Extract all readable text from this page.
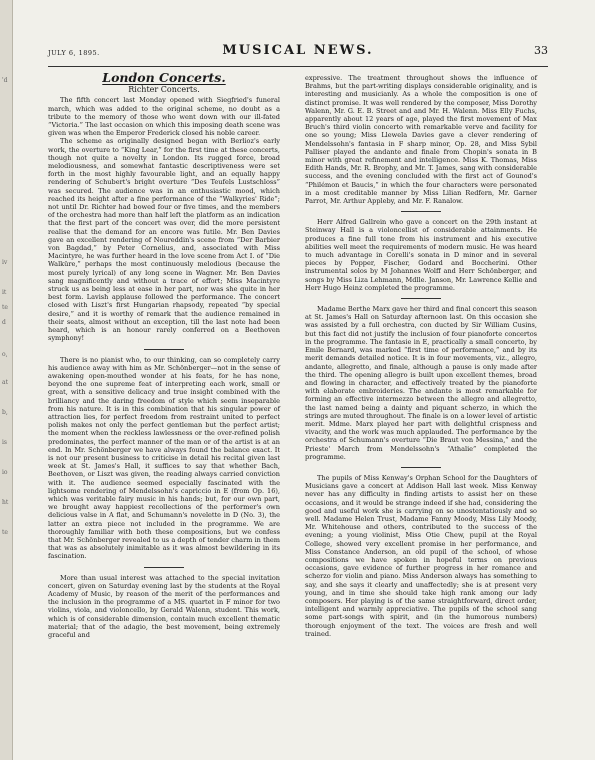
'd
iv
it
te
d
o,
at
b,
is
io
ht
te
MUSICAL NEWS.
JULY 6, 1895.	33
London Concerts.
Richter Concerts.

The fifth concert last Monday opened with Siegfried's funeral march, which was added to the original scheme, no doubt as a tribute to the memory of those who went down with our ill-fated “Victoria.” The last occasion on which this imposing death scene was given was when the Emperor Frederick closed his noble career.

The scheme as originally designed began with Berlioz's early work, the overture to “King Lear,” for the first time at these concerts, though not quite a novelty in London. Its rugged force, broad melodiousness, and somewhat fantastic descriptiveness were set forth in the most highly favourable light, and an equally happy rendering of Schubert's bright overture “Des Teufels Lustschloss” was secured. The audience was in an enthusiastic mood, which reached its height after a fine performance of the “Walkyries' Ride”; not until Dr. Richter had bowed four or five times, and the members of the orchestra had more than half left the platform as an indication that the first part of the concert was over, did the more persistent realise that the demand for an encore was futile. Mr. Ben Davies gave an excellent rendering of Noureddin's scene from “Der Barbier von Bagdad,” by Peter Cornelius, and, associated with Miss Macintyre, he was further heard in the love scene from Act I. of “Die Walküre,” perhaps the most continuously melodious (because the most purely lyrical) of any long scene in Wagner. Mr. Ben Davies sang magnificently and without a trace of effort; Miss Macintyre struck us as being less at ease in her part, nor was she quite in her best form. Lavish applause followed the performance. The concert closed with Liszt's first Hungarian rhapsody, repeated “by special desire,” and it is worthy of remark that the audience remained in their seats, almost without an exception, till the last note had been heard, which is an honour rarely conferred on a Beethoven symphony!

There is no pianist who, to our thinking, can so completely carry his audience away with him as Mr. Schönberger—not in the sense of awakening open-mouthed wonder at his feats, for he has none, beyond the one supreme feat of interpreting each work, small or great, with a sensitive delicacy and true insight combined with the brilliancy and the daring freedom of style which seem inseparable from his nature. It is in this combination that his singular power of attraction lies, for perfect freedom from restraint united to perfect polish makes not only the perfect gentleman but the perfect artist; the moment when the reckless lawlessness or the over-refined polish predominates, the perfect manner of the man or of the artist is at an end. In Mr. Schönberger we have always found the balance exact. It is not our present business to criticise in detail his recital given last week at St. James's Hall, it suffices to say that whether Bach, Beethoven, or Liszt was given, the reading always carried conviction with it. The audience seemed especially fascinated with the lightsome rendering of Mendelssohn's capriccio in E (from Op. 16), which was veritable fairy music in his hands; but, for our own part, we brought away happiest recollections of the performer's own delicious valse in A flat, and Schumann's novelette in D (No. 3), the latter an extra piece not included in the programme. We are thoroughly familiar with both these compositions, but we confess that Mr. Schönberger revealed to us a depth of tender charm in them that was as absolutely inimitable as it was almost bewildering in its fascination.

More than usual interest was attached to the special invitation concert, given on Saturday evening last by the students at the Royal Academy of Music, by reason of the merit of the performances and the inclusion in the programme of a MS. quartet in F minor for two violins, viola, and violoncello, by Gerald Walenn, student. This work, which is of considerable dimension, contain much excellent thematic material; that of the adagio, the best movement, being extremely graceful and

expressive. The treatment throughout shows the influence of Brahms, but the part-writing displays considerable originality, and is interesting and musicianly. As a whole the composition is one of distinct promise. It was well rendered by the composer, Miss Dorothy Walenn, Mr. G. E. B. Street and and Mr. H. Walenn. Miss Elly Fuchs, apparently about 12 years of age, played the first movement of Max Bruch's third violin concerto with remarkable verve and facility for one so young; Miss Llewela Davies gave a clever rendering of Mendelssohn's fantasia in F sharp minor, Op. 28, and Miss Sybil Palliser played the andante and finale from Chopin's sonata in B minor with great refinement and intelligence. Miss K. Thomas, Miss Edith Hands, Mr. R. Brophy, and Mr. T. James, sang with considerable success, and the evening concluded with the first act of Gounod's “Philémon et Baucis,” in which the four characters were personated in a most creditable manner by Miss Lilian Redfern, Mr. Garner Parrot, Mr. Arthur Appleby, and Mr. F. Ranalow.

Herr Alfred Gallrein who gave a concert on the 29th instant at Steinway Hall is a violoncellist of considerable attainments. He produces a fine full tone from his instrument and his executive abilities well meet the requirements of modern music. He was heard to much advantage in Corelli's sonata in D minor and in several pieces by Popper, Fischer, Godard and Boccherini. Other instrumental solos by M Johannes Wolff and Herr Schönberger, and songs by Miss Liza Lehmann, Mdlle. Janson, Mr. Lawrence Kellie and Herr Hugo Heinz completed the programme.

Madame Berthe Marx gave her third and final concert this season at St. James's Hall on Saturday afternoon last. On this occasion she was assisted by a full orchestra, con ducted by Sir William Cusins, but this fact did not justify the inclusion of four pianoforte concertos in the programme. The fantasie in E, practically a small concerto, by Emile Bernard, was marked “first time of performance,” and by its merit demands detailed notice. It is in four movements, viz., allegro, andante, allegretto, and finale, although a pause is only made after the third. The opening allegro is built upon excellent themes, broad and flowing in character, and effectively treated by the pianoforte with elaborate embroideries. The andante is most remarkable for forming an effective intermezzo between the allegro and allegretto, the last named being a dainty and piquant scherzo, in which the strings are muted throughout. The finale is on a lower level of artistic merit. Mdme. Marx played her part with delightful crispness and vivacity, and the work was much applauded. The performance by the orchestra of Schumann's overture “Die Braut von Messina,” and the Prieste' March from Mendelssohn's “Athalie” completed the programme.

The pupils of Miss Kenway's Orphan School for the Daughters of Musicians gave a concert at Addison Hall last week. Miss Kenway never has any difficulty in finding artists to assist her on these occasions, and it would be strange indeed if she had, considering the good and useful work she is carrying on so unostentatiously and so well. Madame Helen Trust, Madame Fanny Moody, Miss Lily Moody, Mr. Whitehouse and others, contributed to the success of the evening; a young violinist, Miss Otie Chew, pupil at the Royal College, showed very excellent promise in her performance, and Miss Constance Anderson, an old pupil of the school, of whose compositions we have spoken in hopeful terms on previous occasions, gave evidence of further progress in her romance and scherzo for violin and piano. Miss Anderson always has something to say, and she says it clearly and unaffectedly; she is at present very young, and in time she should take high rank among our lady composers. Her playing is of the same straightforward, direct order, intelligent and warmly appreciative. The pupils of the school sang some part-songs with spirit, and (in the humorous numbers) thorough enjoyment of the text. The voices are fresh and well trained.
